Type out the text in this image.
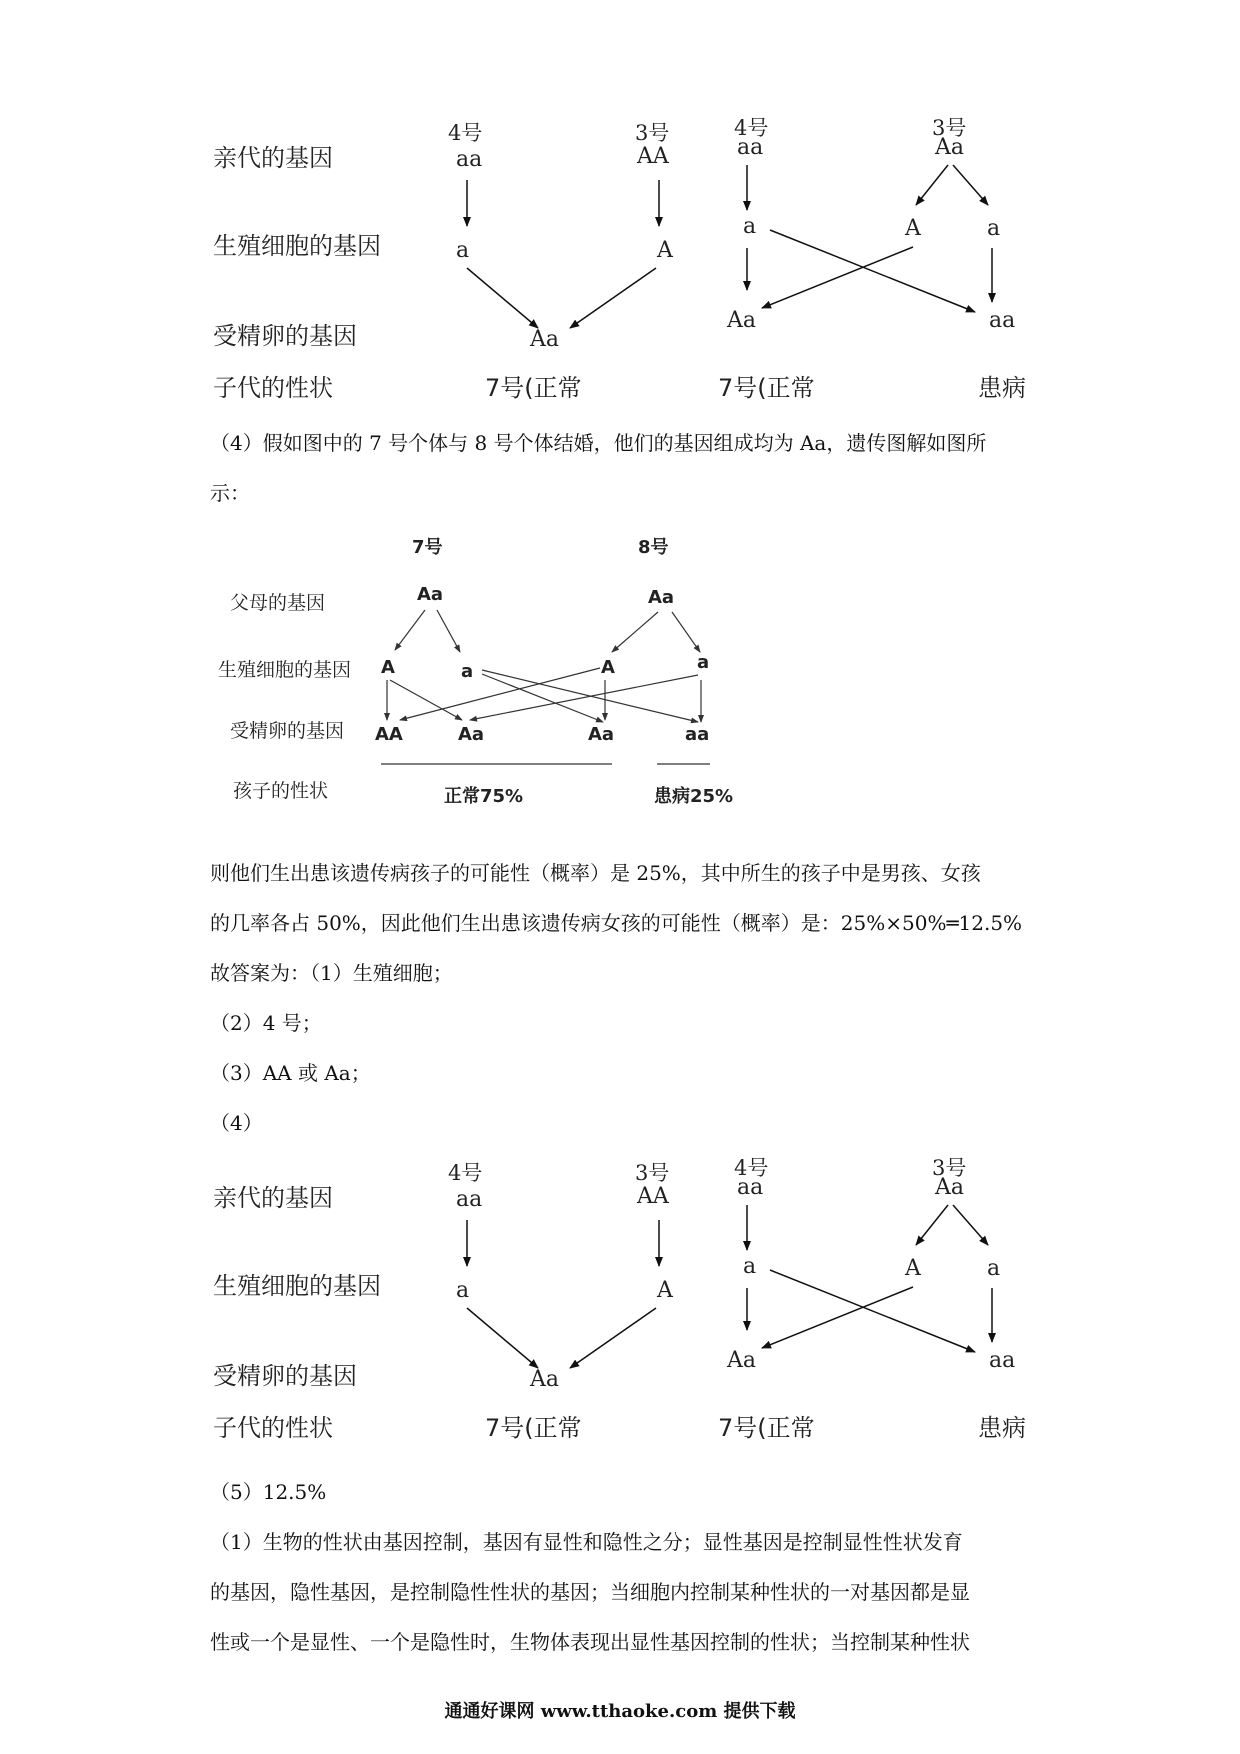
亲代的基因
生殖细胞的基因
受精卵的基因
子代的性状
4号
aa
3号
AA
a	A
Aa
7号(正常
4号
aa
3号
Aa
a	A	a
Aa	aa
7号(正常	患病

（4）假如图中的 7 号个体与 8 号个体结婚，他们的基因组成均为 Aa，遗传图解如图所

示：

7号	8号
父母的基因
生殖细胞的基因
受精卵的基因
孩子的性状
Aa	Aa
A	a	A	a
AA	Aa	Aa	aa
正常75%	患病25%

则他们生出患该遗传病孩子的可能性（概率）是 25%，其中所生的孩子中是男孩、女孩

的几率各占 50%，因此他们生出患该遗传病女孩的可能性（概率）是：25%×50%═12.5%

故答案为：（1）生殖细胞；

（2）4 号；

（3）AA 或 Aa；

（4）

亲代的基因
生殖细胞的基因
受精卵的基因
子代的性状
4号
aa
3号
AA
a	A
Aa
7号(正常
4号
aa
3号
Aa
a	A	a
Aa	aa
7号(正常	患病

（5）12.5%

（1）生物的性状由基因控制，基因有显性和隐性之分；显性基因是控制显性性状发育

的基因，隐性基因，是控制隐性性状的基因；当细胞内控制某种性状的一对基因都是显

性或一个是显性、一个是隐性时，生物体表现出显性基因控制的性状；当控制某种性状

通通好课网 www.tthaoke.com 提供下载
